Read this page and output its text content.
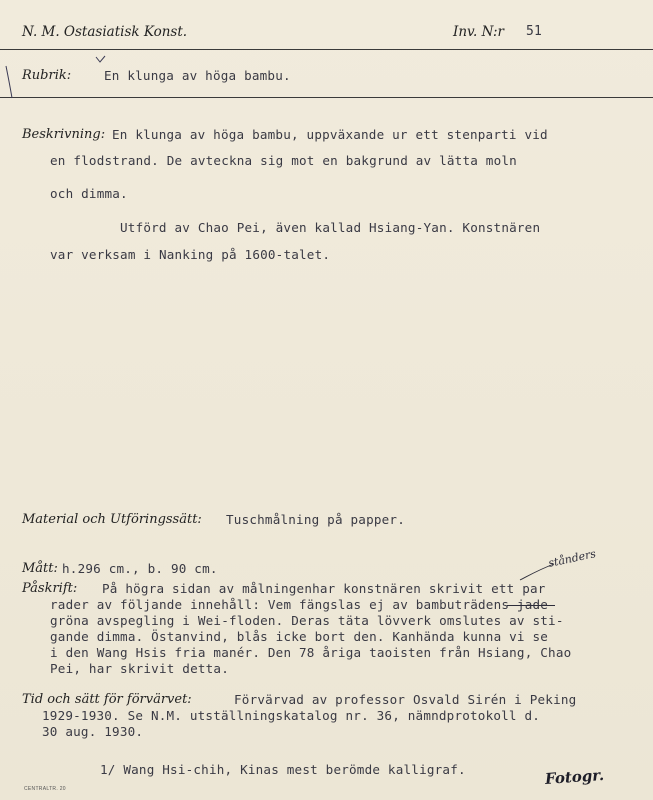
N. M. Ostasiatisk Konst.	Inv. N:r 51
Rubrik:	En klunga av höga bambu.
Beskrivning: En klunga av höga bambu, uppväxande ur ett stenparti vid
en flodstrand. De avteckna sig mot en bakgrund av lätta moln
och dimma.
Utförd av Chao Pei, även kallad Hsiang-Yan. Konstnären
var verksam i Nanking på 1600-talet.
Material och Utföringssätt: Tuschmålning på papper.
Mått: h.296 cm., b. 90 cm.	stånders
Påskrift: På högra sidan av målningenhar konstnären skrivit ett par
rader av följande innehåll: Vem fängslas ej av bambuträdens jade-
gröna avspegling i Wei-floden. Deras täta lövverk omslutes av sti-
gande dimma. Östanvind, blås icke bort den. Kanhända kunna vi se
i den Wang Hsis fria manér. Den 78 åriga taoisten från Hsiang, Chao
Pei, har skrivit detta.
Tid och sätt för förvärvet:	Förvärvad av professor Osvald Sirén i Peking
1929-1930. Se N.M. utställningskatalog nr. 36, nämndprotokoll d.
30 aug. 1930.
1/ Wang Hsi-chih, Kinas mest berömde kalligraf.	Fotogr.
CENTRALTR. 20
